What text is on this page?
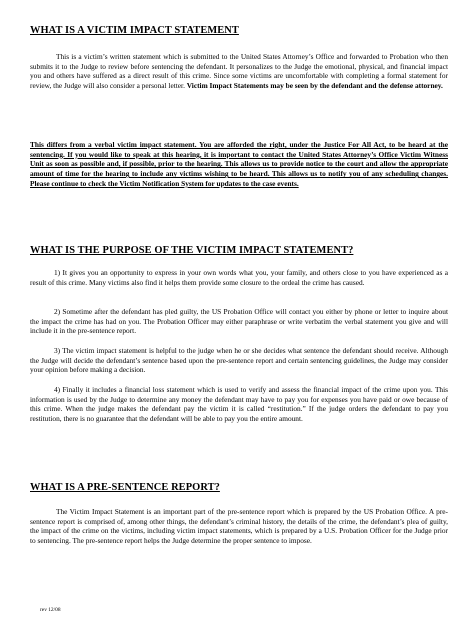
WHAT IS A VICTIM IMPACT STATEMENT
This is a victim’s written statement which is submitted to the United States Attorney’s Office and forwarded to Probation who then submits it to the Judge to review before sentencing the defendant. It personalizes to the Judge the emotional, physical, and financial impact you and others have suffered as a direct result of this crime. Since some victims are uncomfortable with completing a formal statement for review, the Judge will also consider a personal letter. Victim Impact Statements may be seen by the defendant and the defense attorney.
This differs from a verbal victim impact statement. You are afforded the right, under the Justice For All Act, to be heard at the sentencing. If you would like to speak at this hearing, it is important to contact the United States Attorney’s Office Victim Witness Unit as soon as possible and, if possible, prior to the hearing. This allows us to provide notice to the court and allow the appropriate amount of time for the hearing to include any victims wishing to be heard. This allows us to notify you of any scheduling changes. Please continue to check the Victim Notification System for updates to the case events.
WHAT IS THE PURPOSE OF THE VICTIM IMPACT STATEMENT?
1) It gives you an opportunity to express in your own words what you, your family, and others close to you have experienced as a result of this crime. Many victims also find it helps them provide some closure to the ordeal the crime has caused.
2) Sometime after the defendant has pled guilty, the US Probation Office will contact you either by phone or letter to inquire about the impact the crime has had on you. The Probation Officer may either paraphrase or write verbatim the verbal statement you give and will include it in the pre-sentence report.
3) The victim impact statement is helpful to the judge when he or she decides what sentence the defendant should receive. Although the Judge will decide the defendant’s sentence based upon the pre-sentence report and certain sentencing guidelines, the Judge may consider your opinion before making a decision.
4) Finally it includes a financial loss statement which is used to verify and assess the financial impact of the crime upon you. This information is used by the Judge to determine any money the defendant may have to pay you for expenses you have paid or owe because of this crime. When the judge makes the defendant pay the victim it is called “restitution.” If the judge orders the defendant to pay you restitution, there is no guarantee that the defendant will be able to pay you the entire amount.
WHAT IS A PRE-SENTENCE REPORT?
The Victim Impact Statement is an important part of the pre-sentence report which is prepared by the US Probation Office. A pre-sentence report is comprised of, among other things, the defendant’s criminal history, the details of the crime, the defendant’s plea of guilty, the impact of the crime on the victims, including victim impact statements, which is prepared by a U.S. Probation Officer for the Judge prior to sentencing. The pre-sentence report helps the Judge determine the proper sentence to impose.
rev 12/08
